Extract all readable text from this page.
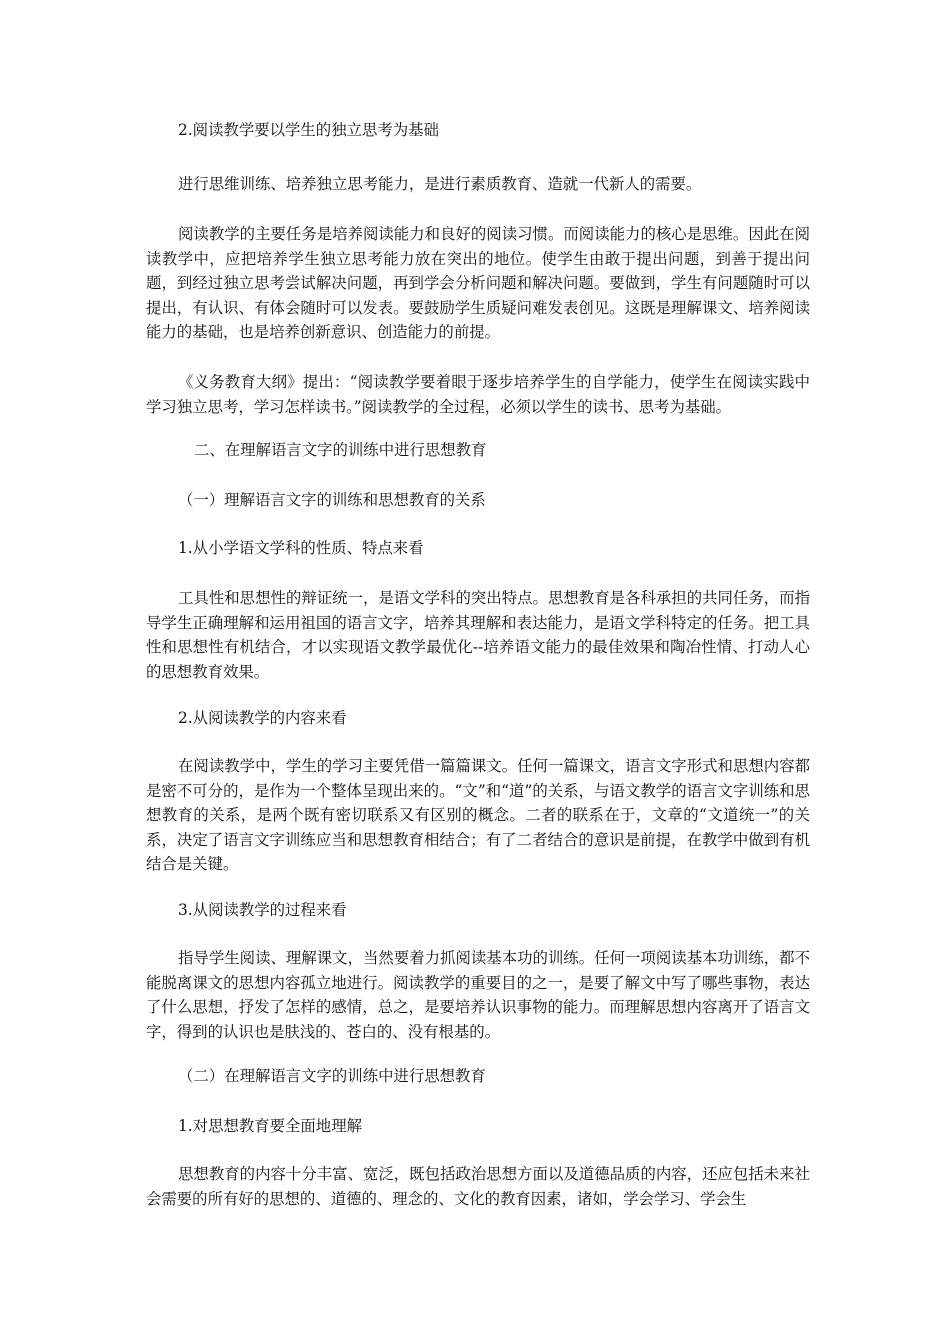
2.阅读教学要以学生的独立思考为基础

进行思维训练、培养独立思考能力，是进行素质教育、造就一代新人的需要。

阅读教学的主要任务是培养阅读能力和良好的阅读习惯。而阅读能力的核心是思维。因此在阅读教学中，应把培养学生独立思考能力放在突出的地位。使学生由敢于提出问题，到善于提出问题，到经过独立思考尝试解决问题，再到学会分析问题和解决问题。要做到，学生有问题随时可以提出，有认识、有体会随时可以发表。要鼓励学生质疑问难发表创见。这既是理解课文、培养阅读能力的基础，也是培养创新意识、创造能力的前提。

《义务教育大纲》提出：“阅读教学要着眼于逐步培养学生的自学能力，使学生在阅读实践中学习独立思考，学习怎样读书。”阅读教学的全过程，必须以学生的读书、思考为基础。

二、在理解语言文字的训练中进行思想教育

（一）理解语言文字的训练和思想教育的关系

1.从小学语文学科的性质、特点来看

工具性和思想性的辩证统一，是语文学科的突出特点。思想教育是各科承担的共同任务，而指导学生正确理解和运用祖国的语言文字，培养其理解和表达能力，是语文学科特定的任务。把工具性和思想性有机结合，才以实现语文教学最优化--培养语文能力的最佳效果和陶冶性情、打动人心的思想教育效果。

2.从阅读教学的内容来看

在阅读教学中，学生的学习主要凭借一篇篇课文。任何一篇课文，语言文字形式和思想内容都是密不可分的，是作为一个整体呈现出来的。“文”和“道”的关系，与语文教学的语言文字训练和思想教育的关系，是两个既有密切联系又有区别的概念。二者的联系在于，文章的“文道统一”的关系，决定了语言文字训练应当和思想教育相结合；有了二者结合的意识是前提，在教学中做到有机结合是关键。

3.从阅读教学的过程来看

指导学生阅读、理解课文，当然要着力抓阅读基本功的训练。任何一项阅读基本功训练，都不能脱离课文的思想内容孤立地进行。阅读教学的重要目的之一，是要了解文中写了哪些事物，表达了什么思想，抒发了怎样的感情，总之，是要培养认识事物的能力。而理解思想内容离开了语言文字，得到的认识也是肤浅的、苍白的、没有根基的。

（二）在理解语言文字的训练中进行思想教育

1.对思想教育要全面地理解

思想教育的内容十分丰富、宽泛，既包括政治思想方面以及道德品质的内容，还应包括未来社会需要的所有好的思想的、道德的、理念的、文化的教育因素，诸如，学会学习、学会生
